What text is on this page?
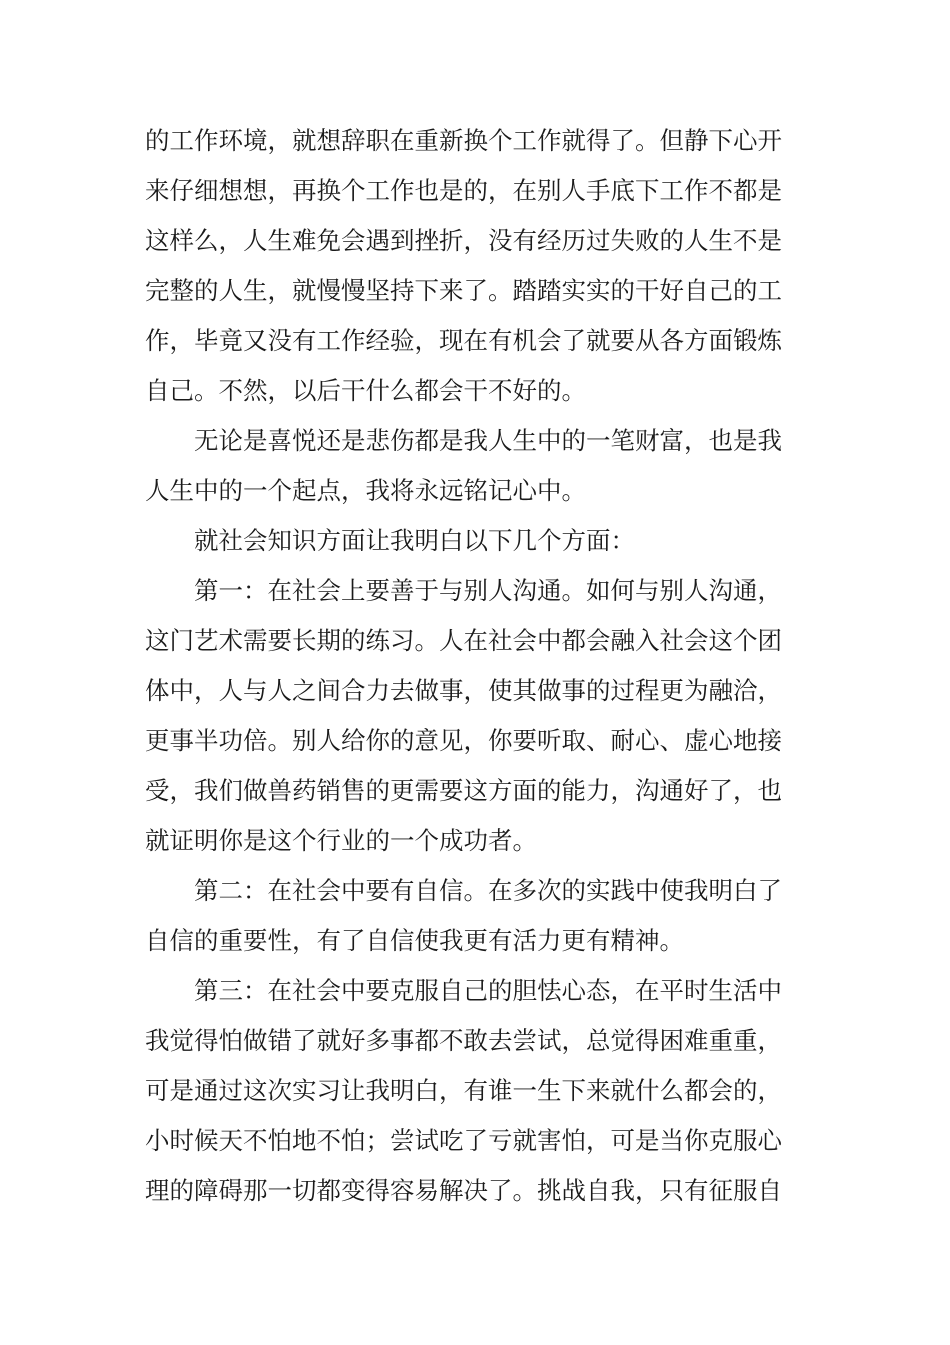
的工作环境，就想辞职在重新换个工作就得了。但静下心开
来仔细想想，再换个工作也是的，在别人手底下工作不都是
这样么，人生难免会遇到挫折，没有经历过失败的人生不是
完整的人生，就慢慢坚持下来了。踏踏实实的干好自己的工
作，毕竟又没有工作经验，现在有机会了就要从各方面锻炼
自己。不然，以后干什么都会干不好的。
无论是喜悦还是悲伤都是我人生中的一笔财富，也是我
人生中的一个起点，我将永远铭记心中。
就社会知识方面让我明白以下几个方面：
第一：在社会上要善于与别人沟通。如何与别人沟通，
这门艺术需要长期的练习。人在社会中都会融入社会这个团
体中，人与人之间合力去做事，使其做事的过程更为融洽，
更事半功倍。别人给你的意见，你要听取、耐心、虚心地接
受，我们做兽药销售的更需要这方面的能力，沟通好了，也
就证明你是这个行业的一个成功者。
第二：在社会中要有自信。在多次的实践中使我明白了
自信的重要性，有了自信使我更有活力更有精神。
第三：在社会中要克服自己的胆怯心态，在平时生活中
我觉得怕做错了就好多事都不敢去尝试，总觉得困难重重，
可是通过这次实习让我明白，有谁一生下来就什么都会的，
小时候天不怕地不怕；尝试吃了亏就害怕，可是当你克服心
理的障碍那一切都变得容易解决了。挑战自我，只有征服自
